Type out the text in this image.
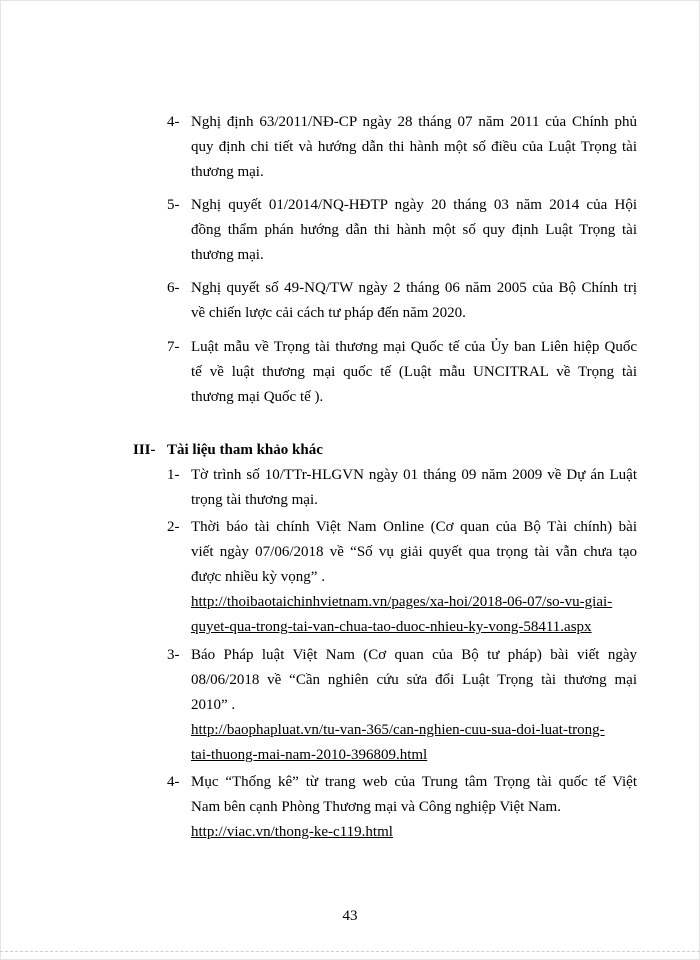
4- Nghị định 63/2011/NĐ-CP ngày 28 tháng 07 năm 2011 của Chính phủ
quy định chi tiết và hướng dẫn thi hành một số điều của Luật Trọng tài
thương mại.
5- Nghị quyết 01/2014/NQ-HĐTP ngày 20 tháng 03 năm 2014 của Hội
đồng thẩm phán hướng dẫn thi hành một số quy định Luật Trọng tài
thương mại.
6- Nghị quyết số 49-NQ/TW ngày 2 tháng 06 năm 2005 của Bộ Chính trị
về chiến lược cải cách tư pháp đến năm 2020.
7- Luật mẫu về Trọng tài thương mại Quốc tế của Ủy ban Liên hiệp Quốc
tế về luật thương mại quốc tế (Luật mẫu UNCITRAL về Trọng tài
thương mại Quốc tế ).
III- Tài liệu tham khảo khác
1- Tờ trình số 10/TTr-HLGVN ngày 01 tháng 09 năm 2009 về Dự án Luật
trọng tài thương mại.
2- Thời báo tài chính Việt Nam Online (Cơ quan của Bộ Tài chính) bài
viết ngày 07/06/2018 về “Số vụ giải quyết qua trọng tài vẫn chưa tạo
được nhiều kỳ vọng” .
http://thoibaotaichinhvietnam.vn/pages/xa-hoi/2018-06-07/so-vu-giai-
quyet-qua-trong-tai-van-chua-tao-duoc-nhieu-ky-vong-58411.aspx
3- Báo Pháp luật Việt Nam (Cơ quan của Bộ tư pháp) bài viết ngày
08/06/2018 về “Cần nghiên cứu sửa đổi Luật Trọng tài thương mại
2010” .
http://baophapluat.vn/tu-van-365/can-nghien-cuu-sua-doi-luat-trong-
tai-thuong-mai-nam-2010-396809.html
4- Mục “Thống kê” từ trang web của Trung tâm Trọng tài quốc tế Việt
Nam bên cạnh Phòng Thương mại và Công nghiệp Việt Nam.
http://viac.vn/thong-ke-c119.html
43
